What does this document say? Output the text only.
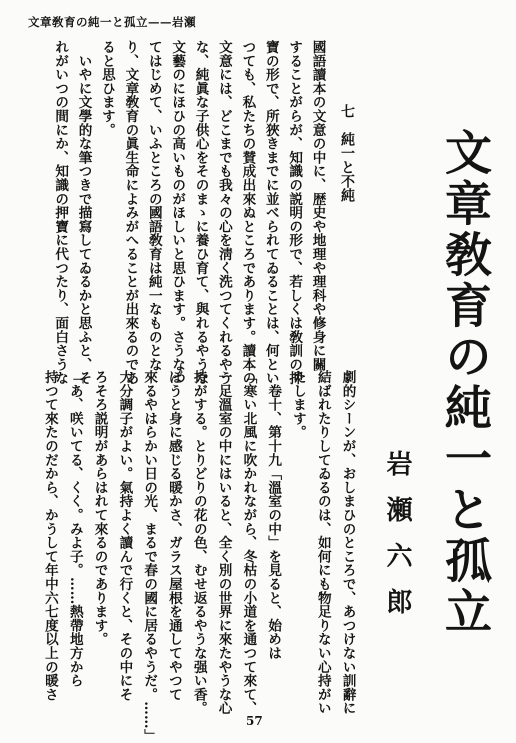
文章敎育の純一と孤立——岩瀬
七　純一と不純 文章敎育の純一と孤立
岩瀬六郎
國語讀本の文意の中に、歴史や地理や理科や修身に關
することがらが、知識の説明の形で、若しくは敎訓の押
寶の形で、所狹きまでに並べられてゐることは、何とい
つても、私たちの賛成出來ぬところであります。讀本の
文意には、どこまでも我々の心を淸く洗つてくれるやう
な、純眞な子供心をそのまゝに養ひ育て、與れるやうな
文藝のにほひの高いものがほしいと思ひます。さうなつ
てはじめて、いふところの國語敎育は純一なものとな
り、文章敎育の眞生命によみがへることが出來るのであ
ると思ひます。
　いやに文學的な筆つきで描寫してゐるかと思ふと、そ
れがいつの間にか、知識の押寶に代つたり、面白さうな
劇的シーンが、おしまひのところで、あつけない訓辭に
結ばれたりしてゐるのは、如何にも物足りない心持がい
たします。
　卷十、第十九「溫室の中」を見ると、始めは
「寒い北風に吹かれながら、冬枯の小道を通つて來て、
一足溫室の中にはいると、全く別の世界に來たやうな心
持がする。とりどりの花の色、むせ返るやうな强い香。
ぽうと身に感じる暖かさ、ガラス屋根を通してやつて
來るやはらかい日の光、まるで春の國に居るやうだ。……」
大分調子がよい。氣持よく讀んで行くと、その中にそ
ろそろ説明があらはれて來るのであります。
「あ、咲いてる、くく。みよ子。……熱帶地方から
持つて來たのだから、かうして年中六七度以上の暖さ
57
